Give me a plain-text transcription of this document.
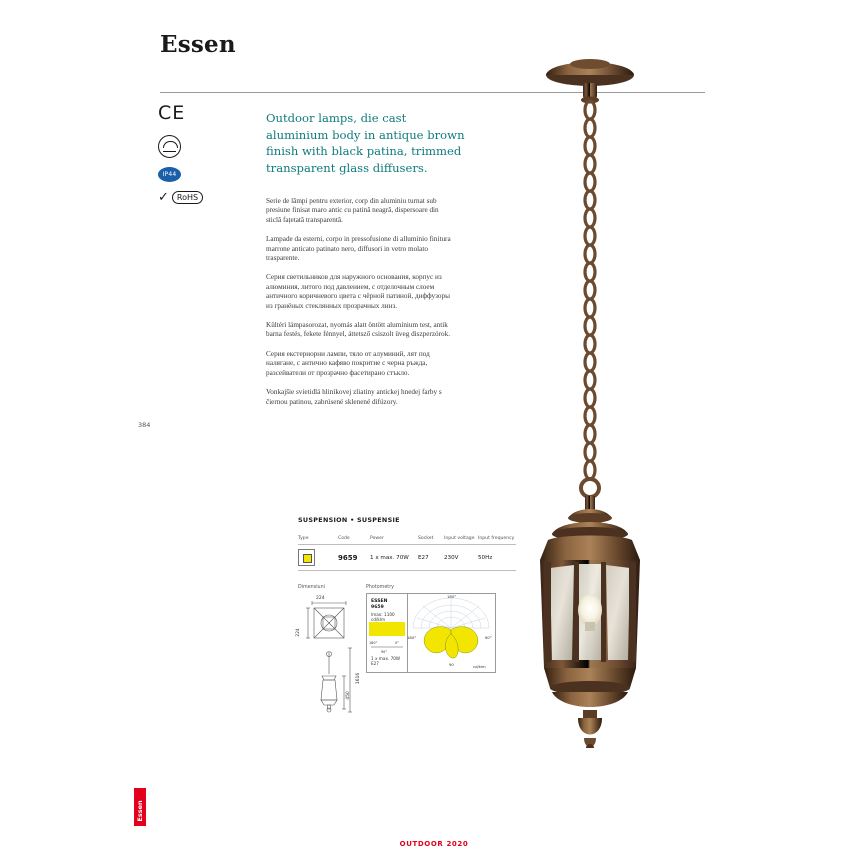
Essen
CE
IP44
✓	RoHS
Outdoor lamps, die cast aluminium body in antique brown finish with black patina, trimmed transparent glass diffusers.
Serie de lămpi pentru exterior, corp din aluminiu turnat sub presiune finisat maro antic cu patină neagră, dispersoare din sticlă fațetată transparentă.
Lampade da esterni, corpo in pressofusione di alluminio finitura marrone anticato patinato nero, diffusori in vetro molato trasparente.
Серия светильников для наружного основания, корпус из алюминия, литого под давлением, с отделочным слоем античного коричневого цвета с чёрной патиной, диффузоры из гранёных стеклянных прозрачных линз.
Kültéri lámpasorozat, nyomás alatt öntött alumínium test, antik barna festés, fekete fénnyel, áttetsző csiszolt üveg diszperzórok.
Серия екстериорни лампи, тяло от алуминий, лят под налягане, с античнo кафяво покритие с черна ръжда, разсейватели от прозрачно фасетирано стъкло.
Vonkajšie svietidlá hliníkovej zliatiny antickej hnedej farby s čiernou patinou, zabrúsené sklenené difúzory.
384
SUSPENSION • SUSPENSIE
Type	Code	Power	Socket	Input voltage	Input frequency

	9659	1 x max. 70W	E27	230V	50Hz
Dimensiuni
224
224
1616
450
Photometry
ESSEN
9659
lmax: 1100 cd/klm
180°	0°
90°
1 x max. 70W E27
180°
180°	60°
90	cd/klm
Essen
OUTDOOR 2020
